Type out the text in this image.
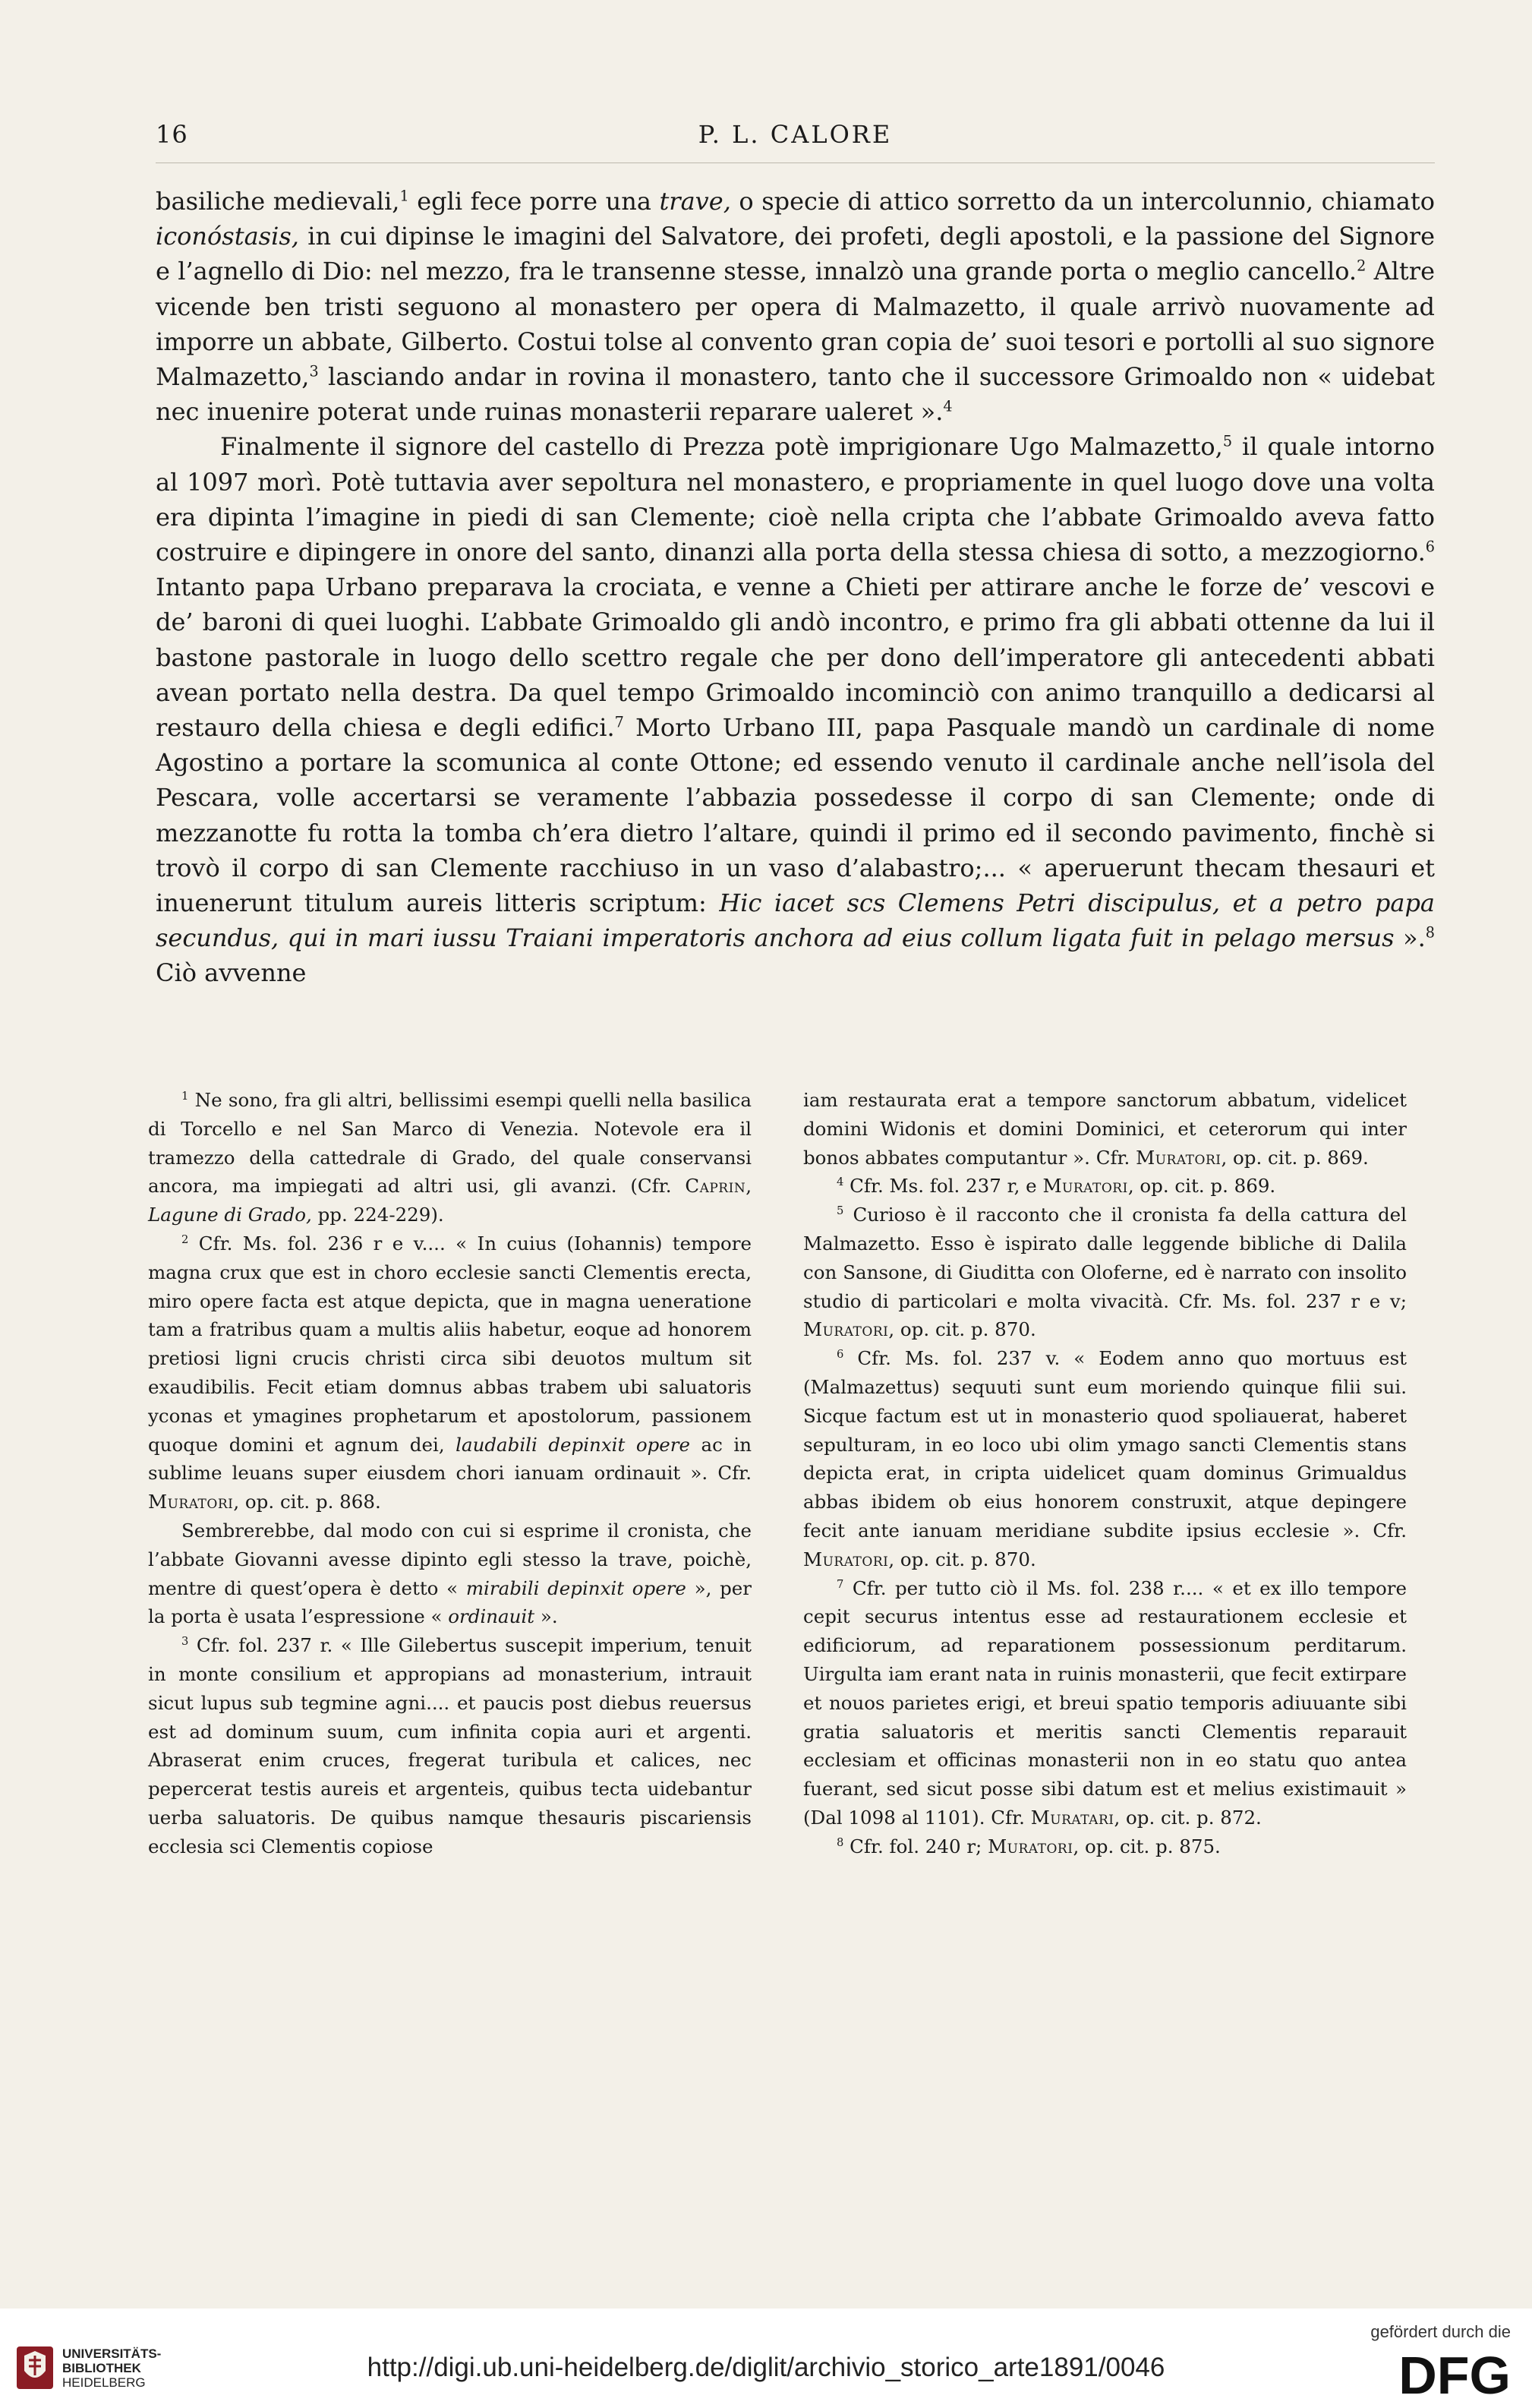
16	P. L. CALORE

basiliche medievali,$^1$ egli fece porre una trave, o specie di attico sorretto da un intercolunnio, chiamato iconóstasis, in cui dipinse le imagini del Salvatore, dei profeti, degli apostoli, e la passione del Signore e l’agnello di Dio: nel mezzo, fra le transenne stesse, innalzò una grande porta o meglio cancello.$^2$ Altre vicende ben tristi seguono al monastero per opera di Malmazetto, il quale arrivò nuovamente ad imporre un abbate, Gilberto. Costui tolse al convento gran copia de’ suoi tesori e portolli al suo signore Malmazetto,$^3$ lasciando andar in rovina il monastero, tanto che il successore Grimoaldo non « uidebat nec inuenire poterat unde ruinas monasterii reparare ualeret ».$^4$

Finalmente il signore del castello di Prezza potè imprigionare Ugo Malmazetto,$^5$ il quale intorno al 1097 morì. Potè tuttavia aver sepoltura nel monastero, e propriamente in quel luogo dove una volta era dipinta l’imagine in piedi di san Clemente; cioè nella cripta che l’abbate Grimoaldo aveva fatto costruire e dipingere in onore del santo, dinanzi alla porta della stessa chiesa di sotto, a mezzogiorno.$^6$ Intanto papa Urbano preparava la crociata, e venne a Chieti per attirare anche le forze de’ vescovi e de’ baroni di quei luoghi. L’abbate Grimoaldo gli andò incontro, e primo fra gli abbati ottenne da lui il bastone pastorale in luogo dello scettro regale che per dono dell’imperatore gli antecedenti abbati avean portato nella destra. Da quel tempo Grimoaldo incominciò con animo tranquillo a dedicarsi al restauro della chiesa e degli edifici.$^7$ Morto Urbano III, papa Pasquale mandò un cardinale di nome Agostino a portare la scomunica al conte Ottone; ed essendo venuto il cardinale anche nell’isola del Pescara, volle accertarsi se veramente l’abbazia possedesse il corpo di san Clemente; onde di mezzanotte fu rotta la tomba ch’era dietro l’altare, quindi il primo ed il secondo pavimento, finchè si trovò il corpo di san Clemente racchiuso in un vaso d’alabastro;... « aperuerunt thecam thesauri et inuenerunt titulum aureis litteris scriptum: Hic iacet scs Clemens Petri discipulus, et a petro papa secundus, qui in mari iussu Traiani imperatoris anchora ad eius collum ligata fuit in pelago mersus ».$^8$ Ciò avvenne

$^1$ Ne sono, fra gli altri, bellissimi esempi quelli nella basilica di Torcello e nel San Marco di Venezia. Notevole era il tramezzo della cattedrale di Grado, del quale conservansi ancora, ma impiegati ad altri usi, gli avanzi. (Cfr. Caprin, Lagune di Grado, pp. 224-229).

$^2$ Cfr. Ms. fol. 236 r e v.... « In cuius (Iohannis) tempore magna crux que est in choro ecclesie sancti Clementis erecta, miro opere facta est atque depicta, que in magna ueneratione tam a fratribus quam a multis aliis habetur, eoque ad honorem pretiosi ligni crucis christi circa sibi deuotos multum sit exaudibilis. Fecit etiam domnus abbas trabem ubi saluatoris yconas et ymagines prophetarum et apostolorum, passionem quoque domini et agnum dei, laudabili depinxit opere ac in sublime leuans super eiusdem chori ianuam ordinauit ». Cfr. Muratori, op. cit. p. 868.

Sembrerebbe, dal modo con cui si esprime il cronista, che l’abbate Giovanni avesse dipinto egli stesso la trave, poichè, mentre di quest’opera è detto « mirabili depinxit opere », per la porta è usata l’espressione « ordinauit ».

$^3$ Cfr. fol. 237 r. « Ille Gilebertus suscepit imperium, tenuit in monte consilium et appropians ad monasterium, intrauit sicut lupus sub tegmine agni.... et paucis post diebus reuersus est ad dominum suum, cum infinita copia auri et argenti. Abraserat enim cruces, fregerat turibula et calices, nec pepercerat testis aureis et argenteis, quibus tecta uidebantur uerba saluatoris. De quibus namque thesauris piscariensis ecclesia sci Clementis copiose

iam restaurata erat a tempore sanctorum abbatum, videlicet domini Widonis et domini Dominici, et ceterorum qui inter bonos abbates computantur ». Cfr. Muratori, op. cit. p. 869.

$^4$ Cfr. Ms. fol. 237 r, e Muratori, op. cit. p. 869.

$^5$ Curioso è il racconto che il cronista fa della cattura del Malmazetto. Esso è ispirato dalle leggende bibliche di Dalila con Sansone, di Giuditta con Oloferne, ed è narrato con insolito studio di particolari e molta vivacità. Cfr. Ms. fol. 237 r e v; Muratori, op. cit. p. 870.

$^6$ Cfr. Ms. fol. 237 v. « Eodem anno quo mortuus est (Malmazettus) sequuti sunt eum moriendo quinque filii sui. Sicque factum est ut in monasterio quod spoliauerat, haberet sepulturam, in eo loco ubi olim ymago sancti Clementis stans depicta erat, in cripta uidelicet quam dominus Grimualdus abbas ibidem ob eius honorem construxit, atque depingere fecit ante ianuam meridiane subdite ipsius ecclesie ». Cfr. Muratori, op. cit. p. 870.

$^7$ Cfr. per tutto ciò il Ms. fol. 238 r.... « et ex illo tempore cepit securus intentus esse ad restaurationem ecclesie et edificiorum, ad reparationem possessionum perditarum. Uirgulta iam erant nata in ruinis monasterii, que fecit extirpare et nouos parietes erigi, et breui spatio temporis adiuuante sibi gratia saluatoris et meritis sancti Clementis reparauit ecclesiam et officinas monasterii non in eo statu quo antea fuerant, sed sicut posse sibi datum est et melius existimauit » (Dal 1098 al 1101). Cfr. Muratari, op. cit. p. 872.

$^8$ Cfr. fol. 240 r; Muratori, op. cit. p. 875.

UNIVERSITÄTS-
BIBLIOTHEK
HEIDELBERG
http://digi.ub.uni-heidelberg.de/diglit/archivio_storico_arte1891/0046
gefördert durch die
DFG
